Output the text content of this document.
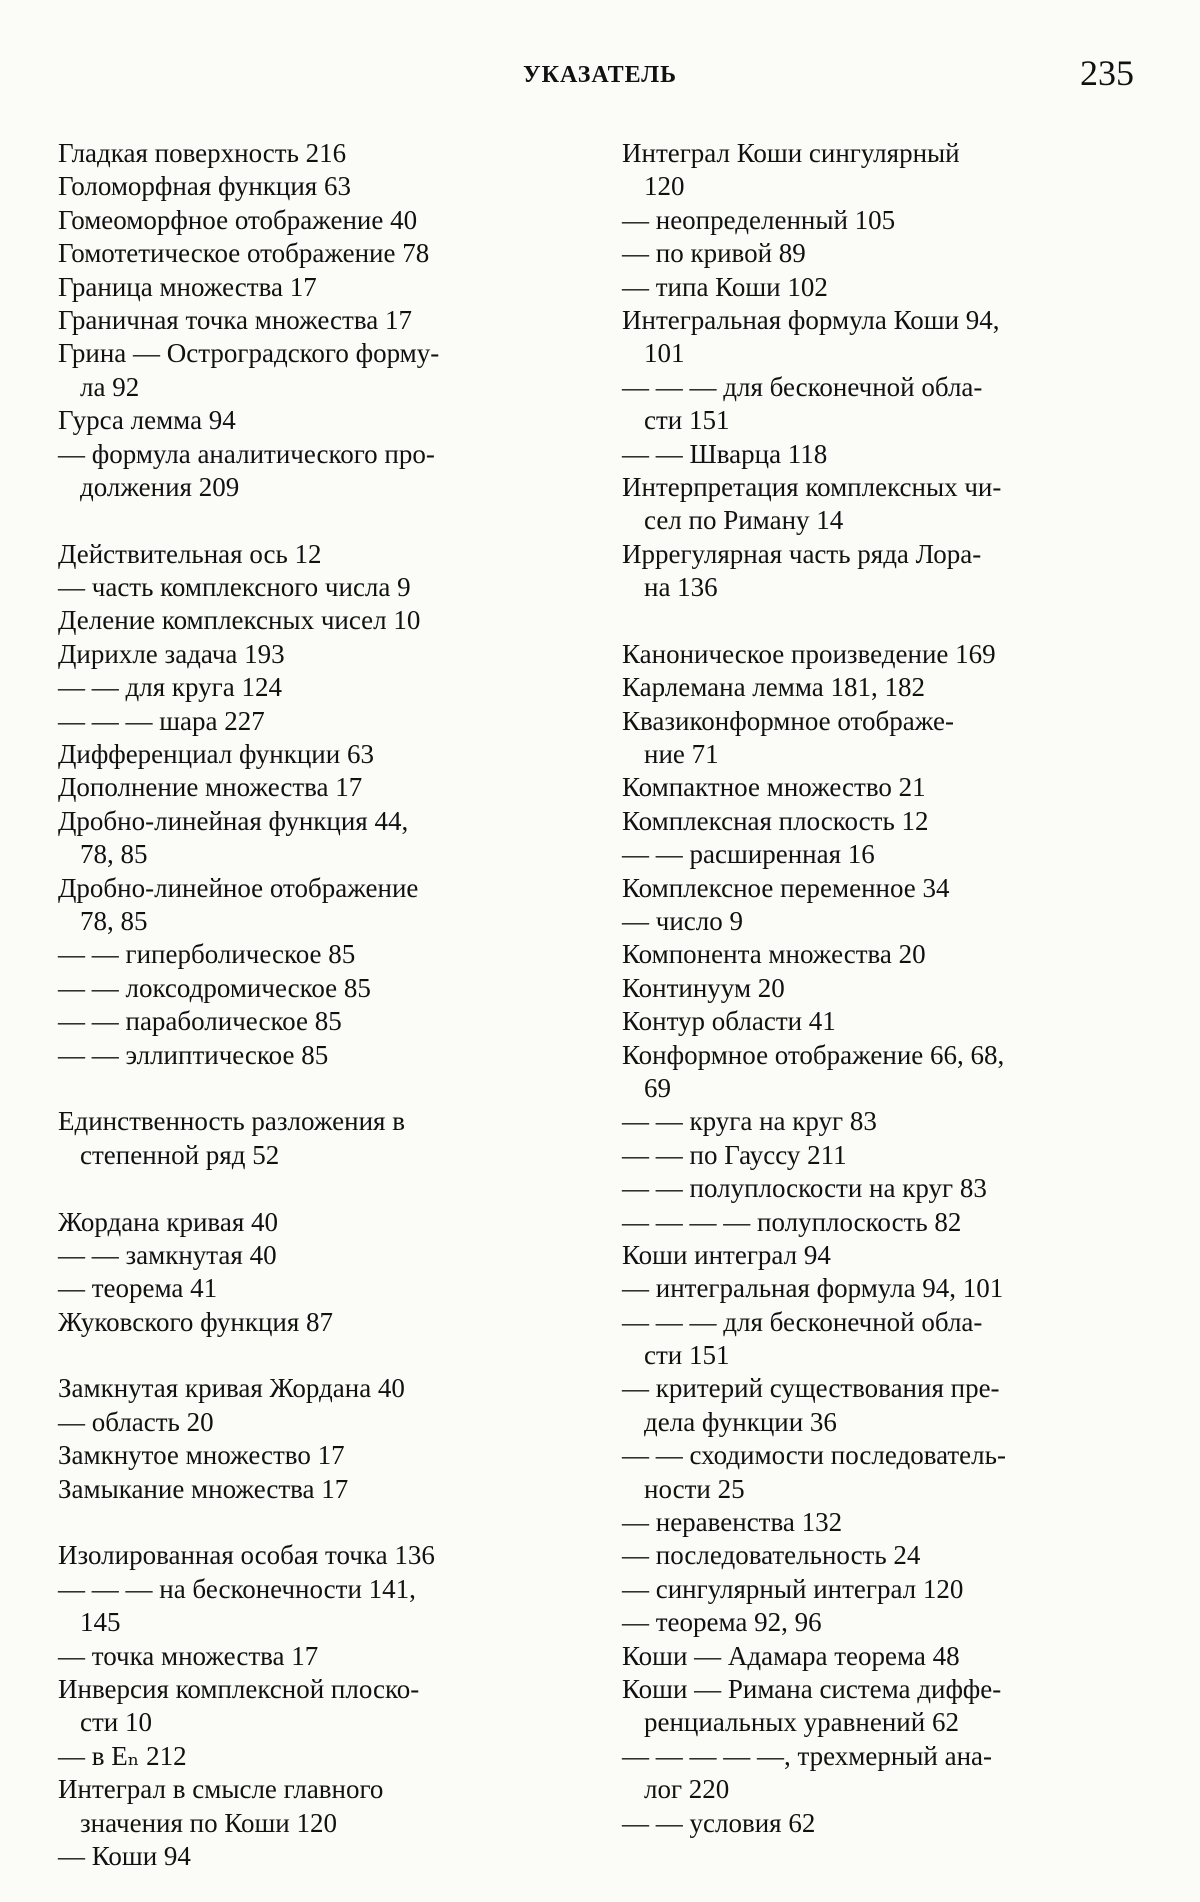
УКАЗАТЕЛЬ	235
Гладкая поверхность 216
Голоморфная функция 63
Гомеоморфное отображение 40
Гомотетическое отображение 78
Граница множества 17
Граничная точка множества 17
Грина — Остроградского форму-
ла 92
Гурса лемма 94
— формула аналитического про-
должения 209
Действительная ось 12
— часть комплексного числа 9
Деление комплексных чисел 10
Дирихле задача 193
— — для круга 124
— — — шара 227
Дифференциал функции 63
Дополнение множества 17
Дробно-линейная функция 44,
78, 85
Дробно-линейное отображение
78, 85
— — гиперболическое 85
— — локсодромическое 85
— — параболическое 85
— — эллиптическое 85
Единственность разложения в
степенной ряд 52
Жордана кривая 40
— — замкнутая 40
— теорема 41
Жуковского функция 87
Замкнутая кривая Жордана 40
— область 20
Замкнутое множество 17
Замыкание множества 17
Изолированная особая точка 136
— — — на бесконечности 141,
145
— точка множества 17
Инверсия комплексной плоско-
сти 10
— в Eₙ 212
Интеграл в смысле главного
значения по Коши 120
— Коши 94
Интеграл Коши сингулярный
120
— неопределенный 105
— по кривой 89
— типа Коши 102
Интегральная формула Коши 94,
101
— — — для бесконечной обла-
сти 151
— — Шварца 118
Интерпретация комплексных чи-
сел по Риману 14
Иррегулярная часть ряда Лора-
на 136
Каноническое произведение 169
Карлемана лемма 181, 182
Квазиконформное отображе-
ние 71
Компактное множество 21
Комплексная плоскость 12
— — расширенная 16
Комплексное переменное 34
— число 9
Компонента множества 20
Континуум 20
Контур области 41
Конформное отображение 66, 68,
69
— — круга на круг 83
— — по Гауссу 211
— — полуплоскости на круг 83
— — — — полуплоскость 82
Коши интеграл 94
— интегральная формула 94, 101
— — — для бесконечной обла-
сти 151
— критерий существования пре-
дела функции 36
— — сходимости последователь-
ности 25
— неравенства 132
— последовательность 24
— сингулярный интеграл 120
— теорема 92, 96
Коши — Адамара теорема 48
Коши — Римана система диффе-
ренциальных уравнений 62
— — — — —, трехмерный ана-
лог 220
— — условия 62
